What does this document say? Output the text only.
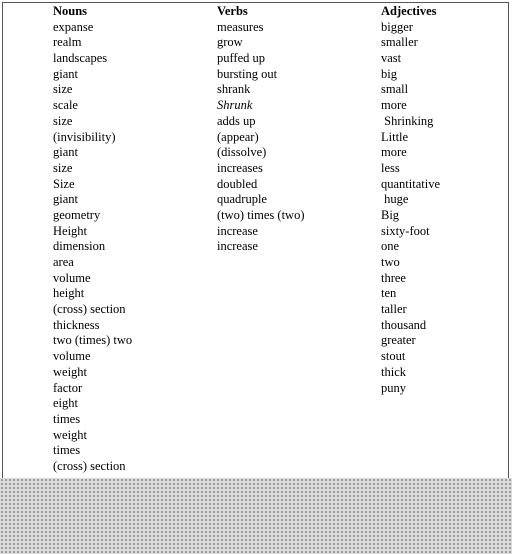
Nouns
expanse
realm
landscapes
giant
size
scale
size
(invisibility)
giant
size
Size
giant
geometry
Height
dimension
area
volume
height
(cross) section
thickness
two (times) two
volume
weight
factor
eight
times
weight
times
(cross) section
Verbs
measures
grow
puffed up
bursting out
shrank
Shrunk
adds up
(appear)
(dissolve)
increases
doubled
quadruple
(two) times (two)
increase
increase
Adjectives
bigger
smaller
vast
big
small
more
Shrinking
Little
more
less
quantitative
huge
Big
sixty-foot
one
two
three
ten
taller
thousand
greater
stout
thick
puny
